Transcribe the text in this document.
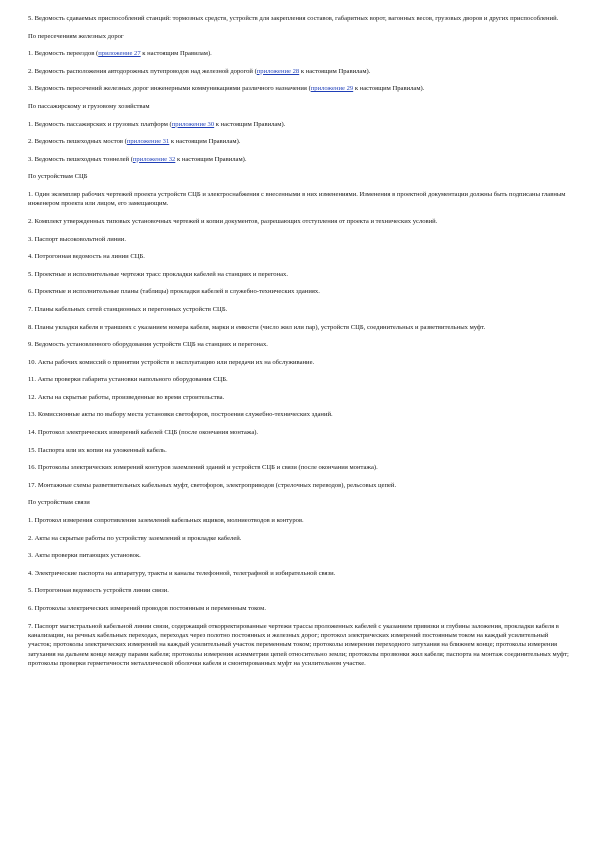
5. Ведомость сдаваемых приспособлений станций: тормозных средств, устройств для закрепления составов, габаритных ворот, вагонных весов, грузовых дворов и других приспособлений.
По пересечениям железных дорог
1. Ведомость переездов (приложение 27 к настоящим Правилам).
2. Ведомость расположения автодорожных путепроводов над железной дорогой (приложение 28 к настоящим Правилам).
3. Ведомость пересечений железных дорог инженерными коммуникациями различного назначения (приложение 29 к настоящим Правилам).
По пассажирскому и грузовому хозяйствам
1. Ведомость пассажирских и грузовых платформ (приложение 30 к настоящим Правилам).
2. Ведомость пешеходных мостов (приложение 31 к настоящим Правилам).
3. Ведомость пешеходных тоннелей (приложение 32 к настоящим Правилам).
По устройствам СЦБ
1. Один экземпляр рабочих чертежей проекта устройств СЦБ и электроснабжения с внесенными в них изменениями. Изменения в проектной документации должны быть подписаны главным инженером проекта или лицом, его замещающим.
2. Комплект утвержденных типовых установочных чертежей и копии документов, разрешающих отступления от проекта и технических условий.
3. Паспорт высоковольтной линии.
4. Потрогонная ведомость на линии СЦБ.
5. Проектные и исполнительные чертежи трасс прокладки кабелей на станциях и перегонах.
6. Проектные и исполнительные планы (таблицы) прокладки кабелей в служебно-технических зданиях.
7. Планы кабельных сетей станционных и перегонных устройств СЦБ.
8. Планы укладки кабеля в траншеях с указанием номера кабеля, марки и емкости (число жил или пар), устройств СЦБ, соединительных и разветвительных муфт.
9. Ведомость установленного оборудования устройств СЦБ на станциях и перегонах.
10. Акты рабочих комиссий о принятии устройств в эксплуатацию или передачи их на обслуживание.
11. Акты проверки габарита установки напольного оборудования СЦБ.
12. Акты на скрытые работы, произведенные во время строительства.
13. Комиссионные акты по выбору места установки светофоров, построения служебно-технических зданий.
14. Протокол электрических измерений кабелей СЦБ (после окончания монтажа).
15. Паспорта или их копии на уложенный кабель.
16. Протоколы электрических измерений контуров заземлений зданий и устройств СЦБ и связи (после окончания монтажа).
17. Монтажные схемы разветвительных кабельных муфт, светофоров, электроприводов (стрелочных переводов), рельсовых цепей.
По устройствам связи
1. Протокол измерения сопротивления заземлений кабельных ящиков, молниеотводов и контуров.
2. Акты на скрытые работы по устройству заземлений и прокладке кабелей.
3. Акты проверки питающих установок.
4. Электрические паспорта на аппаратуру, тракты и каналы телефонной, телеграфной и избирательной связи.
5. Потрогонная ведомость устройств линии связи.
6. Протоколы электрических измерений проводов постоянным и переменным током.
7. Паспорт магистральной кабельной линии связи, содержащий откорректированные чертежи трассы проложенных кабелей с указанием привязки и глубины заложения, прокладки кабеля в канализации, на речных кабельных переходах, переходах через полотно постоянных и железных дорог; протокол электрических измерений постоянным током на каждый усилительный участок; протоколы электрических измерений на каждый усилительный участок переменным током; протоколы измерения переходного затухания на ближнем конце; протоколы измерения затухания на дальнем конце между парами кабеля; протоколы измерения асимметрии цепей относительно земли; протоколы прозвонки жил кабеля; паспорта на монтаж соединительных муфт; протоколы проверки герметичности металлической оболочки кабеля и смонтированных муфт на усилительном участке.
